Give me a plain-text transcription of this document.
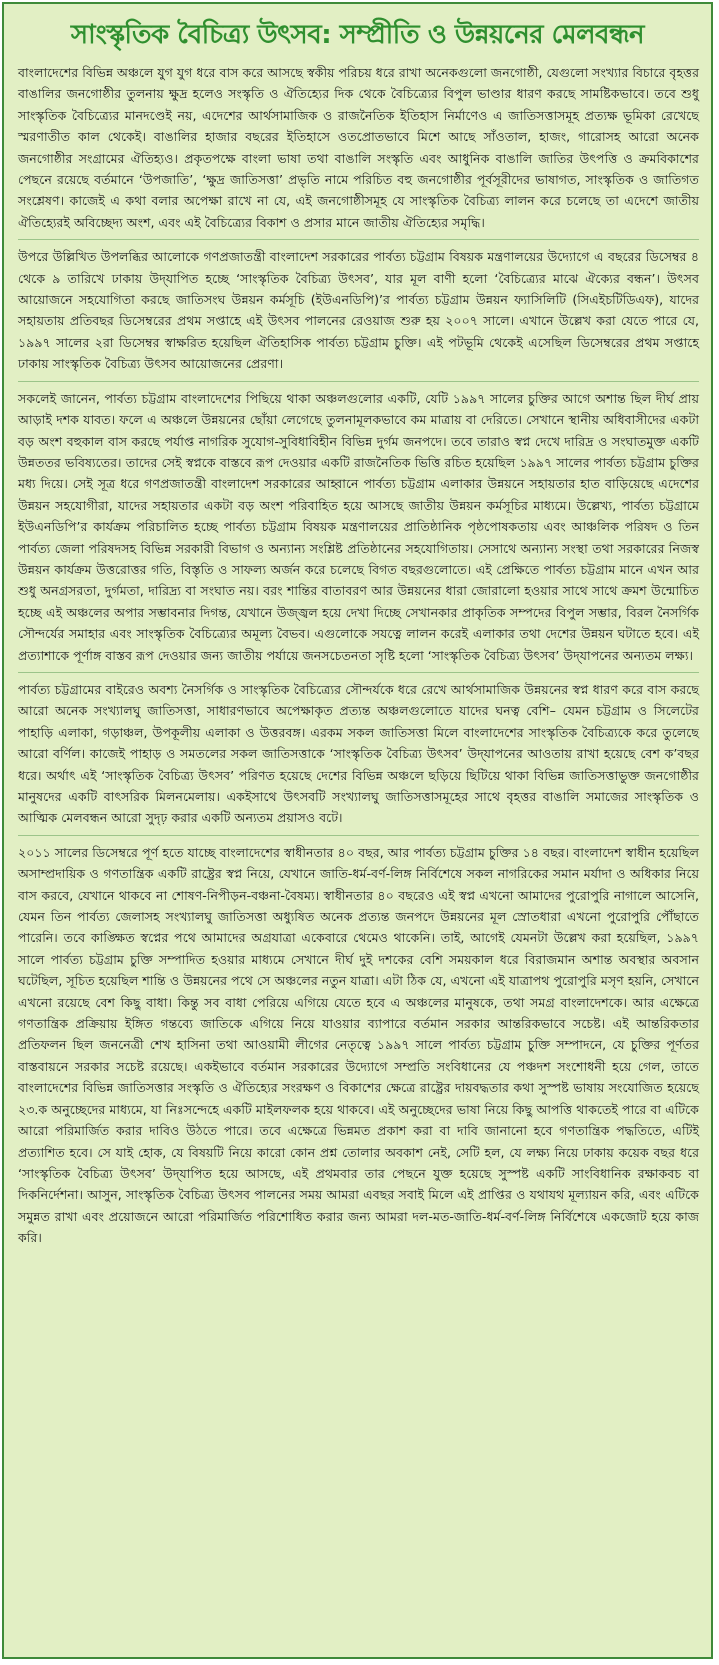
সাংস্কৃতিক বৈচিত্র্য উৎসব: সম্প্রীতি ও উন্নয়নের মেলবন্ধন

বাংলাদেশের বিভিন্ন অঞ্চলে যুগ যুগ ধরে বাস করে আসছে স্বকীয় পরিচয় ধরে রাখা অনেকগুলো জনগোষ্ঠী, যেগুলো সংখ্যার বিচারে বৃহত্তর বাঙালির জনগোষ্ঠীর তুলনায় ক্ষুদ্র হলেও সংস্কৃতি ও ঐতিহ্যের দিক থেকে বৈচিত্র্যের বিপুল ভাণ্ডার ধারণ করছে সামষ্টিকভাবে। তবে শুধু সাংস্কৃতিক বৈচিত্র্যের মানদণ্ডেই নয়, এদেশের আর্থসামাজিক ও রাজনৈতিক ইতিহাস নির্মাণেও এ জাতিসত্তাসমূহ প্রত্যক্ষ ভূমিকা রেখেছে স্মরণাতীত কাল থেকেই। বাঙালির হাজার বছরের ইতিহাসে ওতপ্রোতভাবে মিশে আছে সাঁওতাল, হাজং, গারোসহ আরো অনেক জনগোষ্ঠীর সংগ্রামের ঐতিহ্যও। প্রকৃতপক্ষে বাংলা ভাষা তথা বাঙালি সংস্কৃতি এবং আধুনিক বাঙালি জাতির উৎপত্তি ও ক্রমবিকাশের পেছনে রয়েছে বর্তমানে ‘উপজাতি’, ‘ক্ষুদ্র জাতিসত্তা’ প্রভৃতি নামে পরিচিত বহু জনগোষ্ঠীর পূর্বসূরীদের ভাষাগত, সাংস্কৃতিক ও জাতিগত সংশ্লেষণ। কাজেই এ কথা বলার অপেক্ষা রাখে না যে, এই জনগোষ্ঠীসমূহ যে সাংস্কৃতিক বৈচিত্র্য লালন করে চলেছে তা এদেশে জাতীয় ঐতিহ্যেরই অবিচ্ছেদ্য অংশ, এবং এই বৈচিত্র্যের বিকাশ ও প্রসার মানে জাতীয় ঐতিহ্যের সমৃদ্ধি।

উপরে উল্লিখিত উপলব্ধির আলোকে গণপ্রজাতন্ত্রী বাংলাদেশ সরকারের পার্বত্য চট্টগ্রাম বিষয়ক মন্ত্রণালয়ের উদ্যোগে এ বছরের ডিসেম্বর ৪ থেকে ৯ তারিখে ঢাকায় উদ্‌যাপিত হচ্ছে ‘সাংস্কৃতিক বৈচিত্র্য উৎসব’, যার মূল বাণী হলো ‘বৈচিত্র্যের মাঝে ঐক্যের বন্ধন’। উৎসব আয়োজনে সহযোগিতা করছে জাতিসংঘ উন্নয়ন কর্মসূচি (ইউএনডিপি)’র পার্বত্য চট্টগ্রাম উন্নয়ন ফ্যাসিলিটি (সিএইচটিডিএফ), যাদের সহায়তায় প্রতিবছর ডিসেম্বরের প্রথম সপ্তাহে এই উৎসব পালনের রেওয়াজ শুরু হয় ২০০৭ সালে। এখানে উল্লেখ করা যেতে পারে যে, ১৯৯৭ সালের ২রা ডিসেম্বর স্বাক্ষরিত হয়েছিল ঐতিহাসিক পার্বত্য চট্টগ্রাম চুক্তি। এই পটভূমি থেকেই এসেছিল ডিসেম্বরের প্রথম সপ্তাহে ঢাকায় সাংস্কৃতিক বৈচিত্র্য উৎসব আয়োজনের প্রেরণা।

সকলেই জানেন, পার্বত্য চট্টগ্রাম বাংলাদেশের পিছিয়ে থাকা অঞ্চলগুলোর একটি, যেটি ১৯৯৭ সালের চুক্তির আগে অশান্ত ছিল দীর্ঘ প্রায় আড়াই দশক যাবত। ফলে এ অঞ্চলে উন্নয়নের ছোঁয়া লেগেছে তুলনামূলকভাবে কম মাত্রায় বা দেরিতে। সেখানে স্থানীয় অধিবাসীদের একটা বড় অংশ বহুকাল বাস করছে পর্যাপ্ত নাগরিক সুযোগ-সুবিধাবিহীন বিভিন্ন দুর্গম জনপদে। তবে তারাও স্বপ্ন দেখে দারিদ্র ও সংঘাতমুক্ত একটি উন্নততর ভবিষ্যতের। তাদের সেই স্বপ্নকে বাস্তবে রূপ দেওয়ার একটি রাজনৈতিক ভিত্তি রচিত হয়েছিল ১৯৯৭ সালের পার্বত্য চট্টগ্রাম চুক্তির মধ্য দিয়ে। সেই সূত্র ধরে গণপ্রজাতন্ত্রী বাংলাদেশ সরকারের আহ্বানে পার্বত্য চট্টগ্রাম এলাকার উন্নয়নে সহায়তার হাত বাড়িয়েছে এদেশের উন্নয়ন সহযোগীরা, যাদের সহায়তার একটা বড় অংশ পরিবাহিত হয়ে আসছে জাতীয় উন্নয়ন কর্মসূচির মাধ্যমে। উল্লেখ্য, পার্বত্য চট্টগ্রামে ইউএনডিপি’র কার্যক্রম পরিচালিত হচ্ছে পার্বত্য চট্টগ্রাম বিষয়ক মন্ত্রণালয়ের প্রাতিষ্ঠানিক পৃষ্ঠপোষকতায় এবং আঞ্চলিক পরিষদ ও তিন পার্বত্য জেলা পরিষদসহ বিভিন্ন সরকারী বিভাগ ও অন্যান্য সংশ্লিষ্ট প্রতিষ্ঠানের সহযোগিতায়। সেসাথে অন্যান্য সংস্থা তথা সরকারের নিজস্ব উন্নয়ন কার্যক্রম উত্তরোত্তর গতি, বিস্তৃতি ও সাফল্য অর্জন করে চলেছে বিগত বছরগুলোতে। এই প্রেক্ষিতে পার্বত্য চট্টগ্রাম মানে এখন আর শুধু অনগ্রসরতা, দুর্গমতা, দারিদ্র্য বা সংঘাত নয়। বরং শান্তির বাতাবরণ আর উন্নয়নের ধারা জোরালো হওয়ার সাথে সাথে ক্রমশ উন্মোচিত হচ্ছে এই অঞ্চলের অপার সম্ভাবনার দিগন্ত, যেখানে উজ্জ্বল হয়ে দেখা দিচ্ছে সেখানকার প্রাকৃতিক সম্পদের বিপুল সম্ভার, বিরল নৈসর্গিক সৌন্দর্যের সমাহার এবং সাংস্কৃতিক বৈচিত্র্যের অমূল্য বৈভব। এগুলোকে সযত্নে লালন করেই এলাকার তথা দেশের উন্নয়ন ঘটাতে হবে। এই প্রত্যাশাকে পূর্ণাঙ্গ বাস্তব রূপ দেওয়ার জন্য জাতীয় পর্যায়ে জনসচেতনতা সৃষ্টি হলো ‘সাংস্কৃতিক বৈচিত্র্য উৎসব’ উদ্‌যাপনের অন্যতম লক্ষ্য।

পার্বত্য চট্টগ্রামের বাইরেও অবশ্য নৈসর্গিক ও সাংস্কৃতিক বৈচিত্র্যের সৌন্দর্যকে ধরে রেখে আর্থসামাজিক উন্নয়নের স্বপ্ন ধারণ করে বাস করছে আরো অনেক সংখ্যালঘু জাতিসত্তা, সাধারণভাবে অপেক্ষাকৃত প্রত্যন্ত অঞ্চলগুলোতে যাদের ঘনত্ব বেশি– যেমন চট্টগ্রাম ও সিলেটের পাহাড়ি এলাকা, গড়াঞ্চল, উপকূলীয় এলাকা ও উত্তরবঙ্গ। এরকম সকল জাতিসত্তা মিলে বাংলাদেশের সাংস্কৃতিক বৈচিত্র্যকে করে তুলেছে আরো বর্ণিল। কাজেই পাহাড় ও সমতলের সকল জাতিসত্তাকে ‘সাংস্কৃতিক বৈচিত্র্য উৎসব’ উদ্‌যাপনের আওতায় রাখা হয়েছে বেশ ক’বছর ধরে। অর্থাৎ এই ‘সাংস্কৃতিক বৈচিত্র্য উৎসব’ পরিণত হয়েছে দেশের বিভিন্ন অঞ্চলে ছড়িয়ে ছিটিয়ে থাকা বিভিন্ন জাতিসত্তাভুক্ত জনগোষ্ঠীর মানুষদের একটি বাৎসরিক মিলনমেলায়। একইসাথে উৎসবটি সংখ্যালঘু জাতিসত্তাসমূহের সাথে বৃহত্তর বাঙালি সমাজের সাংস্কৃতিক ও আত্মিক মেলবন্ধন আরো সুদৃঢ় করার একটি অন্যতম প্রয়াসও বটে।

২০১১ সালের ডিসেম্বরে পূর্ণ হতে যাচ্ছে বাংলাদেশের স্বাধীনতার ৪০ বছর, আর পার্বত্য চট্টগ্রাম চুক্তির ১৪ বছর। বাংলাদেশ স্বাধীন হয়েছিল অসাম্প্রদায়িক ও গণতান্ত্রিক একটি রাষ্ট্রের স্বপ্ন নিয়ে, যেখানে জাতি-ধর্ম-বর্ণ-লিঙ্গ নির্বিশেষে সকল নাগরিকের সমান মর্যাদা ও অধিকার নিয়ে বাস করবে, যেখানে থাকবে না শোষণ-নিপীড়ন-বঞ্চনা-বৈষম্য। স্বাধীনতার ৪০ বছরেও এই স্বপ্ন এখনো আমাদের পুরোপুরি নাগালে আসেনি, যেমন তিন পার্বত্য জেলাসহ সংখ্যালঘু জাতিসত্তা অধ্যুষিত অনেক প্রত্যন্ত জনপদে উন্নয়নের মূল স্রোতধারা এখনো পুরোপুরি পৌঁছাতে পারেনি। তবে কাঙ্ক্ষিত স্বপ্নের পথে আমাদের অগ্রযাত্রা একেবারে থেমেও থাকেনি। তাই, আগেই যেমনটা উল্লেখ করা হয়েছিল, ১৯৯৭ সালে পার্বত্য চট্টগ্রাম চুক্তি সম্পাদিত হওয়ার মাধ্যমে সেখানে দীর্ঘ দুই দশকের বেশি সময়কাল ধরে বিরাজমান অশান্ত অবস্থার অবসান ঘটেছিল, সূচিত হয়েছিল শান্তি ও উন্নয়নের পথে সে অঞ্চলের নতুন যাত্রা। এটা ঠিক যে, এখনো এই যাত্রাপথ পুরোপুরি মসৃণ হয়নি, সেখানে এখনো রয়েছে বেশ কিছু বাধা। কিন্তু সব বাধা পেরিয়ে এগিয়ে যেতে হবে এ অঞ্চলের মানুষকে, তথা সমগ্র বাংলাদেশকে। আর এক্ষেত্রে গণতান্ত্রিক প্রক্রিয়ায় ইঙ্গিত গন্তব্যে জাতিকে এগিয়ে নিয়ে যাওয়ার ব্যাপারে বর্তমান সরকার আন্তরিকভাবে সচেষ্ট। এই আন্তরিকতার প্রতিফলন ছিল জননেত্রী শেখ হাসিনা তথা আওয়ামী লীগের নেতৃত্বে ১৯৯৭ সালে পার্বত্য চট্টগ্রাম চুক্তি সম্পাদনে, যে চুক্তির পূর্ণতর বাস্তবায়নে সরকার সচেষ্ট রয়েছে। একইভাবে বর্তমান সরকারের উদ্যোগে সম্প্রতি সংবিধানের যে পঞ্চদশ সংশোধনী হয়ে গেল, তাতে বাংলাদেশের বিভিন্ন জাতিসত্তার সংস্কৃতি ও ঐতিহ্যের সংরক্ষণ ও বিকাশের ক্ষেত্রে রাষ্ট্রের দায়বদ্ধতার কথা সুস্পষ্ট ভাষায় সংযোজিত হয়েছে ২৩.ক অনুচ্ছেদের মাধ্যমে, যা নিঃসন্দেহে একটি মাইলফলক হয়ে থাকবে। এই অনুচ্ছেদের ভাষা নিয়ে কিছু আপত্তি থাকতেই পারে বা এটিকে আরো পরিমার্জিত করার দাবিও উঠতে পারে। তবে এক্ষেত্রে ভিন্নমত প্রকাশ করা বা দাবি জানানো হবে গণতান্ত্রিক পদ্ধতিতে, এটিই প্রত্যাশিত হবে। সে যাই হোক, যে বিষয়টি নিয়ে কারো কোন প্রশ্ন তোলার অবকাশ নেই, সেটি হল, যে লক্ষ্য নিয়ে ঢাকায় কয়েক বছর ধরে ‘সাংস্কৃতিক বৈচিত্র্য উৎসব’ উদ্‌যাপিত হয়ে আসছে, এই প্রথমবার তার পেছনে যুক্ত হয়েছে সুস্পষ্ট একটি সাংবিধানিক রক্ষাকবচ বা দিকনির্দেশনা। আসুন, সাংস্কৃতিক বৈচিত্র্য উৎসব পালনের সময় আমরা এবছর সবাই মিলে এই প্রাপ্তির ও যথাযথ মূল্যায়ন করি, এবং এটিকে সমুন্নত রাখা এবং প্রয়োজনে আরো পরিমার্জিত পরিশোধিত করার জন্য আমরা দল-মত-জাতি-ধর্ম-বর্ণ-লিঙ্গ নির্বিশেষে একজোট হয়ে কাজ করি।
